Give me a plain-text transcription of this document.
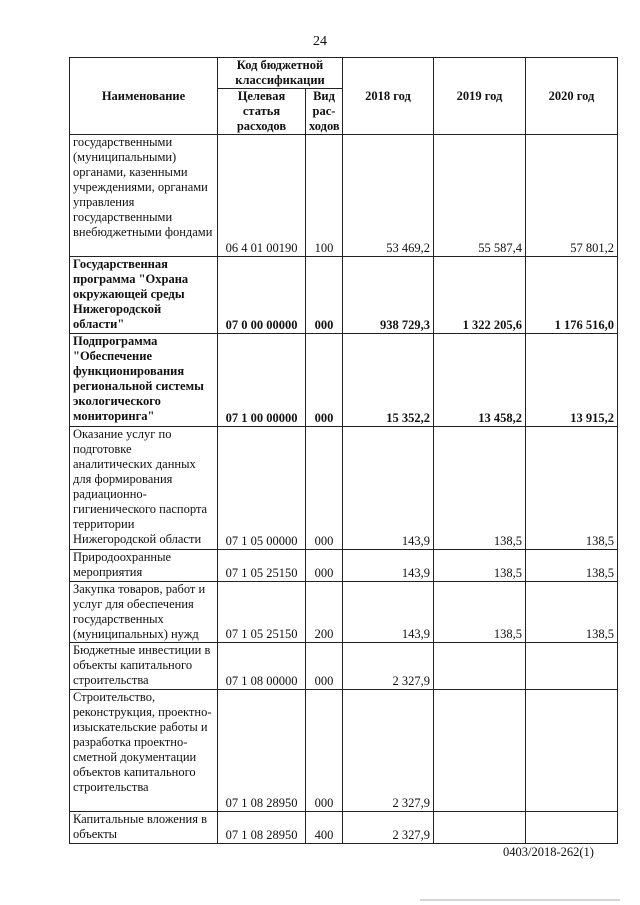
24
Наименование	Код бюджетной классификации		2018 год	2019 год	2020 год
	Целевая статья расходов	Вид рас-ходов			
государственными (муниципальными) органами, казенными учреждениями, органами управления государственными внебюджетными фондами	06 4 01 00190	100	53 469,2	55 587,4	57 801,2
Государственная программа "Охрана окружающей среды Нижегородской области"	07 0 00 00000	000	938 729,3	1 322 205,6	1 176 516,0
Подпрограмма "Обеспечение функционирования региональной системы экологического мониторинга"	07 1 00 00000	000	15 352,2	13 458,2	13 915,2
Оказание услуг по подготовке аналитических данных для формирования радиационно-гигиенического паспорта территории Нижегородской области	07 1 05 00000	000	143,9	138,5	138,5
Природоохранные мероприятия	07 1 05 25150	000	143,9	138,5	138,5
Закупка товаров, работ и услуг для обеспечения государственных (муниципальных) нужд	07 1 05 25150	200	143,9	138,5	138,5
Бюджетные инвестиции в объекты капитального строительства	07 1 08 00000	000	2 327,9		
Строительство, реконструкция, проектно-изыскательские работы и разработка проектно-сметной документации объектов капитального строительства	07 1 08 28950	000	2 327,9		
Капитальные вложения в объекты	07 1 08 28950	400	2 327,9		
0403/2018-262(1)
